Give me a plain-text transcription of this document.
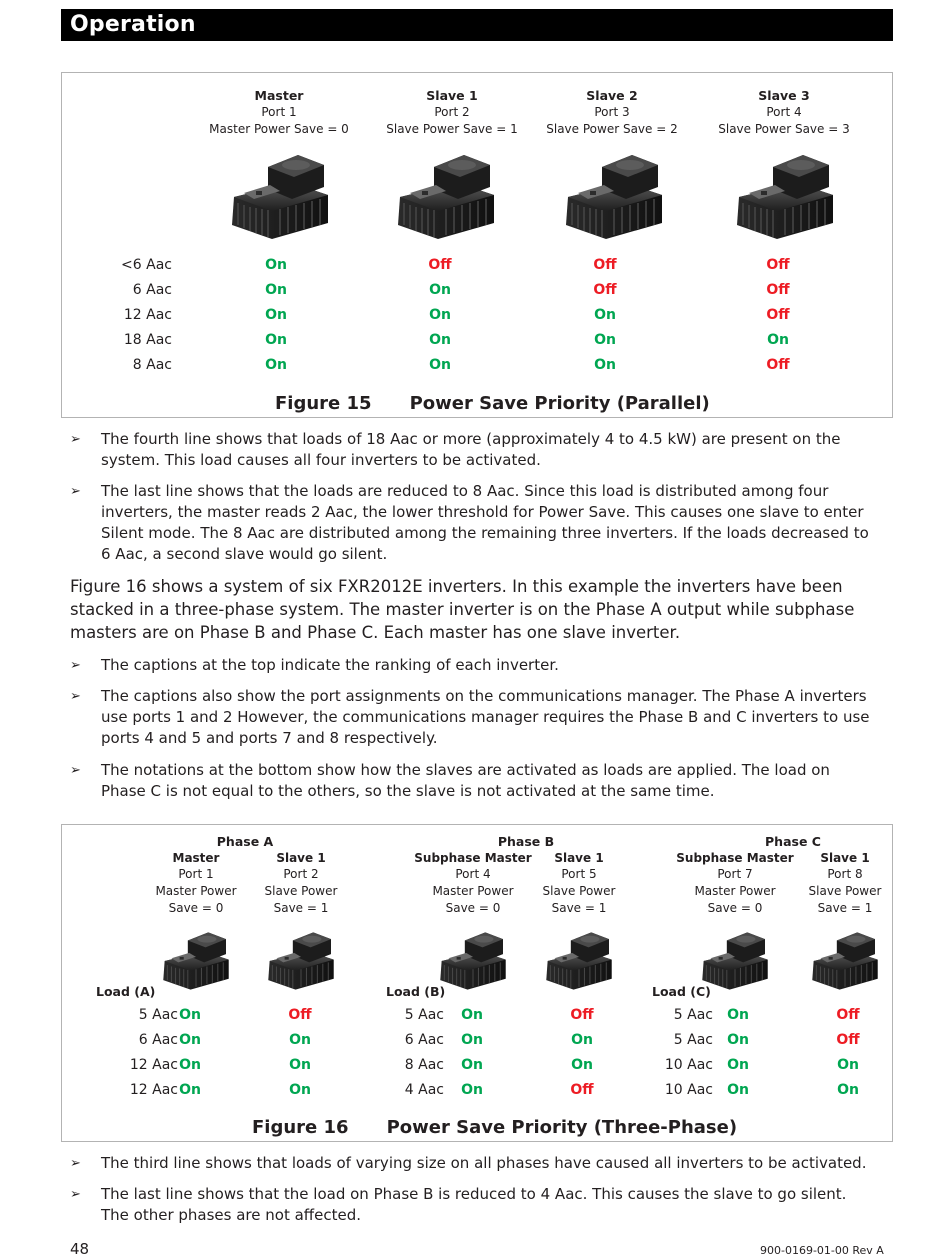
Operation
Master
Port 1
Master Power Save = 0
Slave 1
Port 2
Slave Power Save = 1
Slave 2
Port 3
Slave Power Save = 2
Slave 3
Port 4
Slave Power Save = 3
<6 Aac	On	Off	Off	Off
6 Aac	On	On	Off	Off
12 Aac	On	On	On	Off
18 Aac	On	On	On	On
8 Aac	On	On	On	Off
Figure 15 Power Save Priority (Parallel)
➢ The fourth line shows that loads of 18 Aac or more (approximately 4 to 4.5 kW) are present on the system. This load causes all four inverters to be activated.
➢ The last line shows that the loads are reduced to 8 Aac. Since this load is distributed among four inverters, the master reads 2 Aac, the lower threshold for Power Save. This causes one slave to enter Silent mode. The 8 Aac are distributed among the remaining three inverters. If the loads decreased to 6 Aac, a second slave would go silent.
Figure 16 shows a system of six FXR2012E inverters. In this example the inverters have been stacked in a three-phase system. The master inverter is on the Phase A output while subphase masters are on Phase B and Phase C. Each master has one slave inverter.
➢ The captions at the top indicate the ranking of each inverter.
➢ The captions also show the port assignments on the communications manager. The Phase A inverters use ports 1 and 2 However, the communications manager requires the Phase B and C inverters to use ports 4 and 5 and ports 7 and 8 respectively.
➢ The notations at the bottom show how the slaves are activated as loads are applied. The load on Phase C is not equal to the others, so the slave is not activated at the same time.
Phase A
Master
Port 1
Master Power
Save = 0
Slave 1
Port 2
Slave Power
Save = 1
Load (A)
5 Aac On	Off
6 Aac On	On
12 Aac On	On
12 Aac On	On
Phase B
Subphase Master
Port 4
Master Power
Save = 0
Slave 1
Port 5
Slave Power
Save = 1
Load (B)
5 Aac	On	Off
6 Aac	On	On
8 Aac	On	On
4 Aac	On	Off
Phase C
Subphase Master
Port 7
Master Power
Save = 0
Slave 1
Port 8
Slave Power
Save = 1
Load (C)
5 Aac	On	Off
5 Aac	On	Off
10 Aac	On	On
10 Aac	On	On
Figure 16 Power Save Priority (Three-Phase)
➢ The third line shows that loads of varying size on all phases have caused all inverters to be activated.
➢ The last line shows that the load on Phase B is reduced to 4 Aac. This causes the slave to go silent. The other phases are not affected.
48	900-0169-01-00 Rev A
